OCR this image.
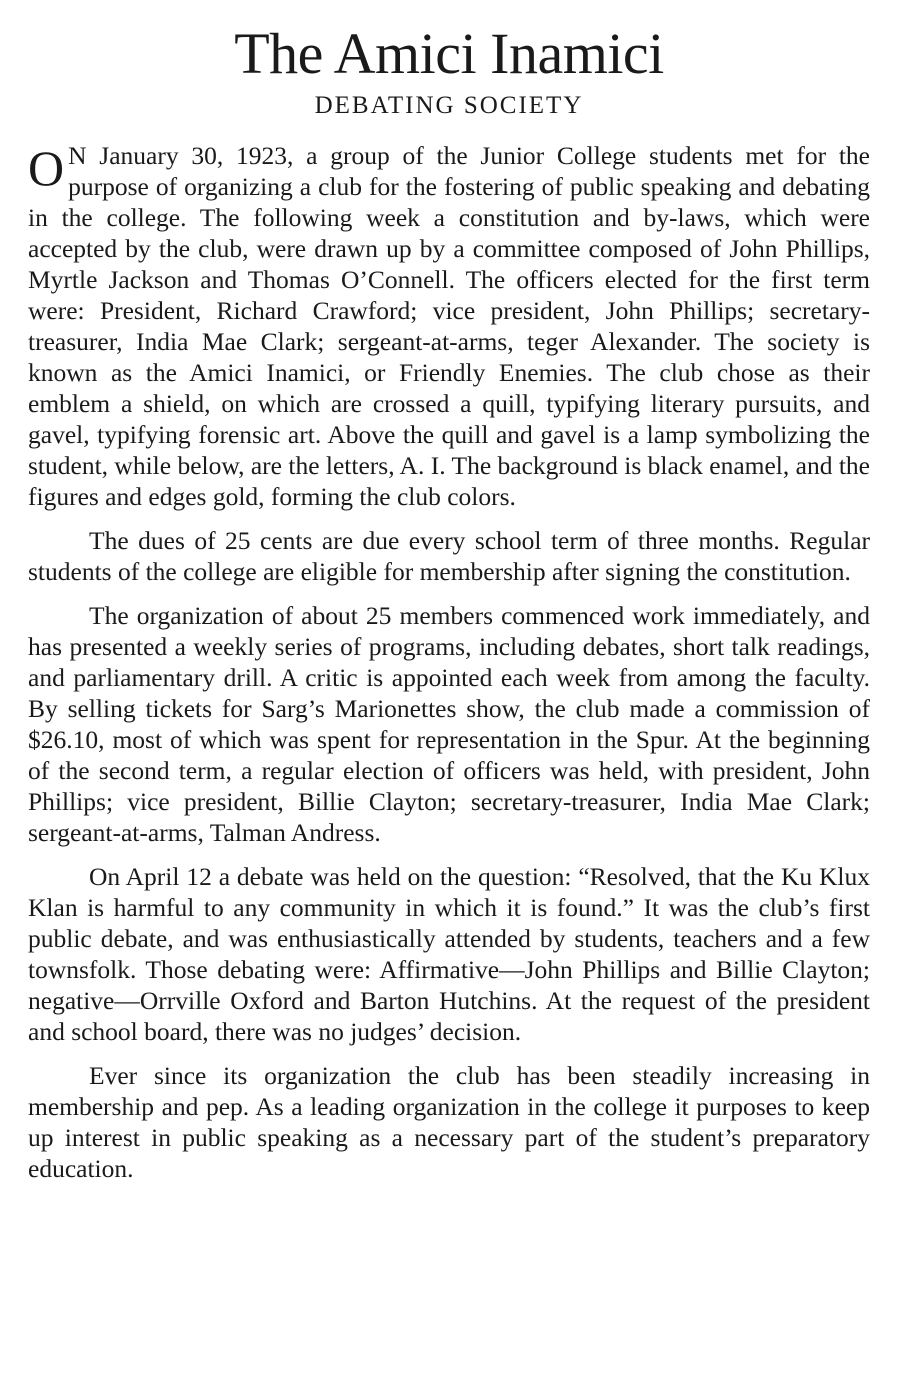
The Amici Inamici
DEBATING SOCIETY

O N January 30, 1923, a group of the Junior College students met for the purpose of organizing a club for the fostering of public speaking and debating in the college. The following week a constitution and by-laws, which were accepted by the club, were drawn up by a committee composed of John Phillips, Myrtle Jackson and Thomas O’Connell. The officers elected for the first term were: President, Richard Crawford; vice president, John Phillips; secretary-treasurer, India Mae Clark; sergeant-at-arms, teger Alexander. The society is known as the Amici Inamici, or Friendly Enemies. The club chose as their emblem a shield, on which are crossed a quill, typifying literary pursuits, and gavel, typifying forensic art. Above the quill and gavel is a lamp symbolizing the student, while below, are the letters, A. I. The background is black enamel, and the figures and edges gold, forming the club colors.

The dues of 25 cents are due every school term of three months. Regular students of the college are eligible for membership after signing the constitution.

The organization of about 25 members commenced work immediately, and has presented a weekly series of programs, including debates, short talk readings, and parliamentary drill. A critic is appointed each week from among the faculty. By selling tickets for Sarg’s Marionettes show, the club made a commission of $26.10, most of which was spent for representation in the Spur. At the beginning of the second term, a regular election of officers was held, with president, John Phillips; vice president, Billie Clayton; secretary-treasurer, India Mae Clark; sergeant-at-arms, Talman Andress.

On April 12 a debate was held on the question: “Resolved, that the Ku Klux Klan is harmful to any community in which it is found.” It was the club’s first public debate, and was enthusiastically attended by students, teachers and a few townsfolk. Those debating were: Affirmative—John Phillips and Billie Clayton; negative—Orrville Oxford and Barton Hutchins. At the request of the president and school board, there was no judges’ decision.

Ever since its organization the club has been steadily increasing in membership and pep. As a leading organization in the college it purposes to keep up interest in public speaking as a necessary part of the student’s preparatory education.
